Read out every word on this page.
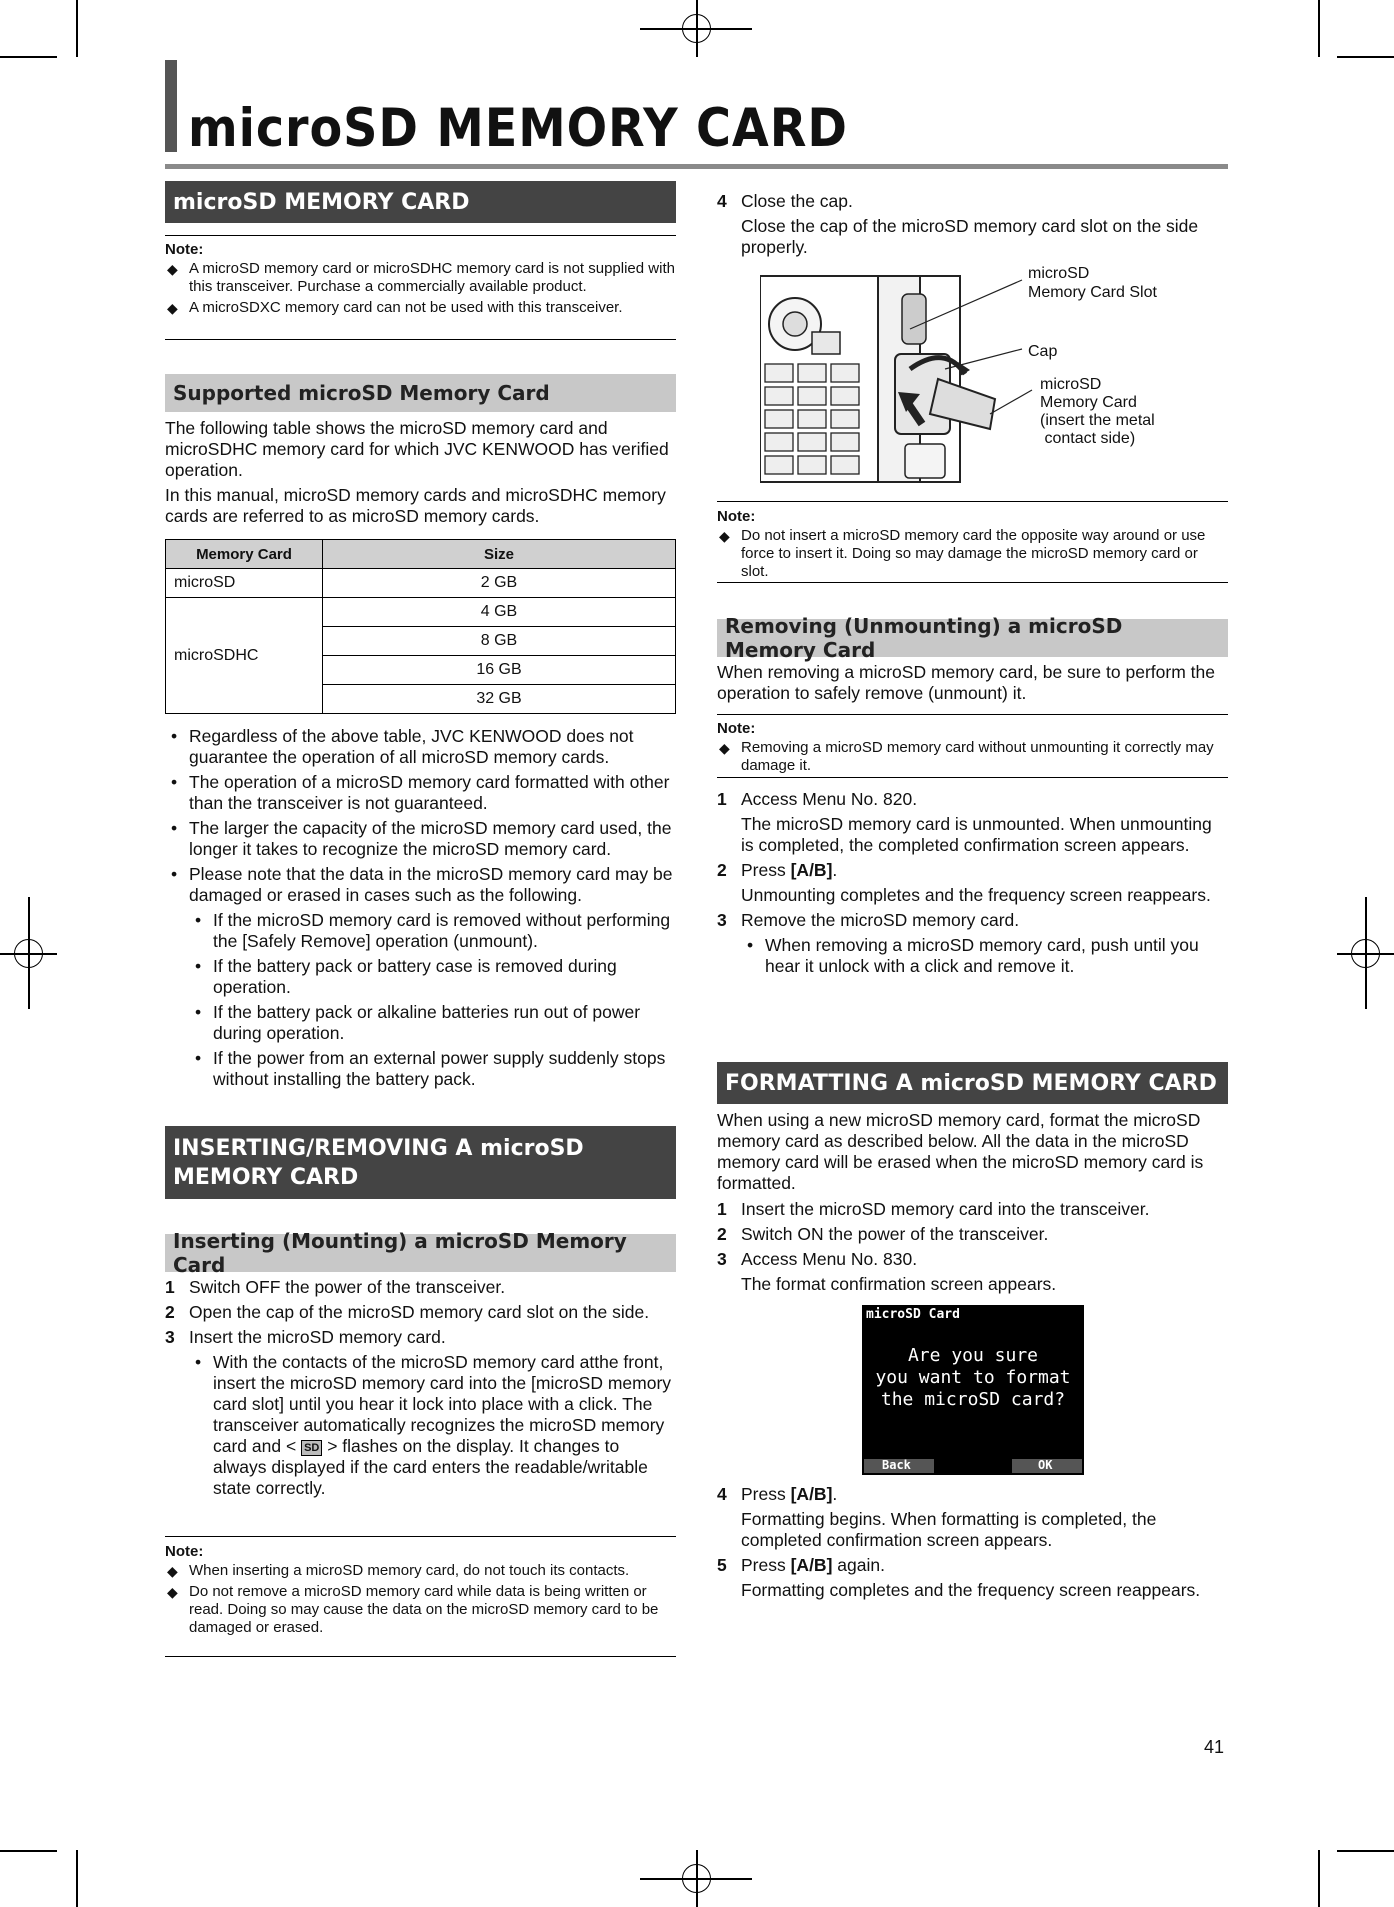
microSD MEMORY CARD
microSD MEMORY CARD
Note:
◆ A microSD memory card or microSDHC memory card is not supplied with this transceiver. Purchase a commercially available product.
◆ A microSDXC memory card can not be used with this transceiver.
Supported microSD Memory Card
The following table shows the microSD memory card and microSDHC memory card for which JVC KENWOOD has verified operation.
In this manual, microSD memory cards and microSDHC memory cards are referred to as microSD memory cards.
Memory Card	Size
microSD	2 GB
microSDHC	4 GB
	8 GB
	16 GB
	32 GB
• Regardless of the above table, JVC KENWOOD does not guarantee the operation of all microSD memory cards.
• The operation of a microSD memory card formatted with other than the transceiver is not guaranteed.
• The larger the capacity of the microSD memory card used, the longer it takes to recognize the microSD memory card.
• Please note that the data in the microSD memory card may be damaged or erased in cases such as the following.
• If the microSD memory card is removed without performing the [Safely Remove] operation (unmount).
• If the battery pack or battery case is removed during operation.
• If the battery pack or alkaline batteries run out of power during operation.
• If the power from an external power supply suddenly stops without installing the battery pack.
INSERTING/REMOVING A microSD MEMORY CARD
Inserting (Mounting) a microSD Memory Card
1 Switch OFF the power of the transceiver.
2 Open the cap of the microSD memory card slot on the side.
3 Insert the microSD memory card.
• With the contacts of the microSD memory card atthe front, insert the microSD memory card into the [microSD memory card slot] until you hear it lock into place with a click. The transceiver automatically recognizes the microSD memory card and < SD > flashes on the display. It changes to always displayed if the card enters the readable/writable state correctly.
Note:
◆ When inserting a microSD memory card, do not touch its contacts.
◆ Do not remove a microSD memory card while data is being written or read. Doing so may cause the data on the microSD memory card to be damaged or erased.
4 Close the cap.
Close the cap of the microSD memory card slot on the side properly.
microSD
Memory Card Slot
Cap
microSD
Memory Card
(insert the metal
contact side)
Note:
◆ Do not insert a microSD memory card the opposite way around or use force to insert it. Doing so may damage the microSD memory card or slot.
Removing (Unmounting) a microSD Memory Card
When removing a microSD memory card, be sure to perform the operation to safely remove (unmount) it.
Note:
◆ Removing a microSD memory card without unmounting it correctly may damage it.
1 Access Menu No. 820.
The microSD memory card is unmounted. When unmounting is completed, the completed confirmation screen appears.
2 Press [A/B].
Unmounting completes and the frequency screen reappears.
3 Remove the microSD memory card.
• When removing a microSD memory card, push until you hear it unlock with a click and remove it.
FORMATTING A microSD MEMORY CARD
When using a new microSD memory card, format the microSD memory card as described below. All the data in the microSD memory card will be erased when the microSD memory card is formatted.
1 Insert the microSD memory card into the transceiver.
2 Switch ON the power of the transceiver.
3 Access Menu No. 830.
The format confirmation screen appears.
microSD Card
Are you sure
you want to format
the microSD card?
Back	OK
4 Press [A/B].
Formatting begins. When formatting is completed, the completed confirmation screen appears.
5 Press [A/B] again.
Formatting completes and the frequency screen reappears.
41
